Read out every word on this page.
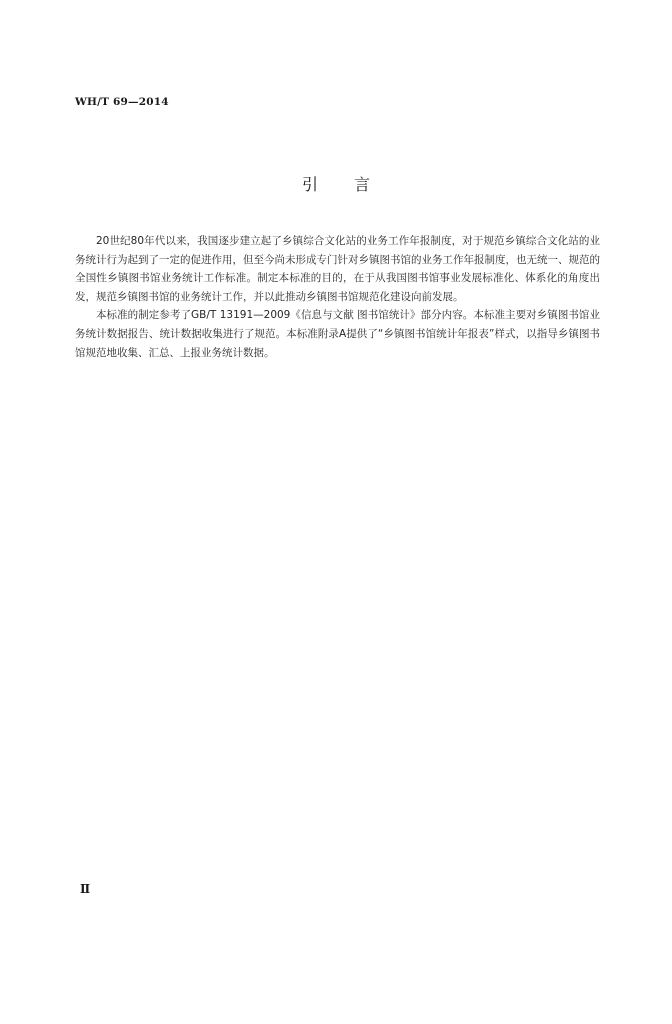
WH/T 69—2014
引言

20世纪80年代以来，我国逐步建立起了乡镇综合文化站的业务工作年报制度，对于规范乡镇综合文化站的业务统计行为起到了一定的促进作用，但至今尚未形成专门针对乡镇图书馆的业务工作年报制度，也无统一、规范的全国性乡镇图书馆业务统计工作标准。制定本标准的目的，在于从我国图书馆事业发展标准化、体系化的角度出发，规范乡镇图书馆的业务统计工作，并以此推动乡镇图书馆规范化建设向前发展。

本标准的制定参考了GB/T 13191—2009《信息与文献 图书馆统计》部分内容。本标准主要对乡镇图书馆业务统计数据报告、统计数据收集进行了规范。本标准附录A提供了“乡镇图书馆统计年报表”样式，以指导乡镇图书馆规范地收集、汇总、上报业务统计数据。

Ⅱ
